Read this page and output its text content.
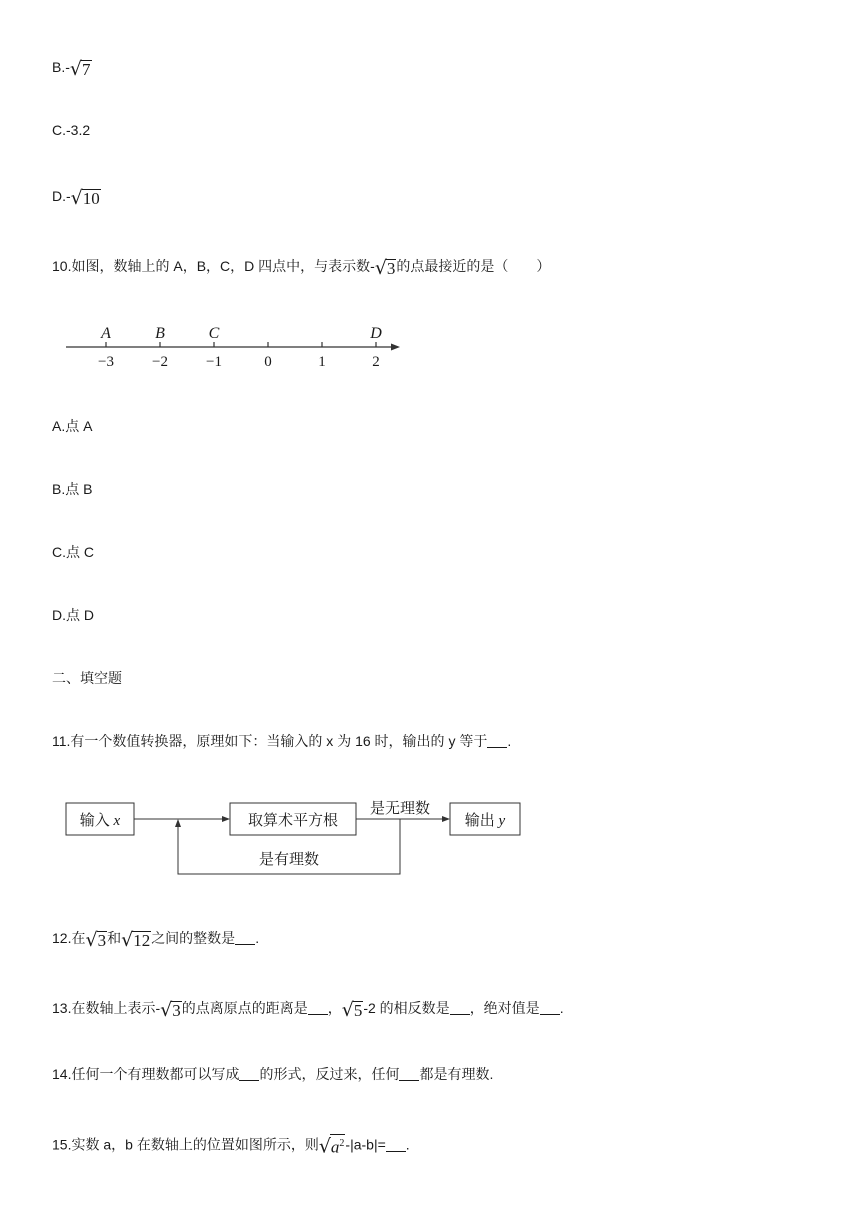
B.-√7
C.-3.2
D.-√10
10.如图，数轴上的 A，B，C，D 四点中，与表示数-√3的点最接近的是（　　）
−3	−2	−1	0	1	2
A	B	C	D
A.点 A
B.点 B
C.点 C
D.点 D
二、填空题
11.有一个数值转换器，原理如下：当输入的 x 为 16 时，输出的 y 等于 .
输入 x	取算术平方根
是无理数
输出 y
是有理数
12.在√3和√12之间的整数是 .
13.在数轴上表示-√3的点离原点的距离是 ，√5-2 的相反数是 ，绝对值是 .
14.任何一个有理数都可以写成 的形式，反过来，任何 都是有理数.
15.实数 a，b 在数轴上的位置如图所示，则$√a^2-|a-b|=$ .
